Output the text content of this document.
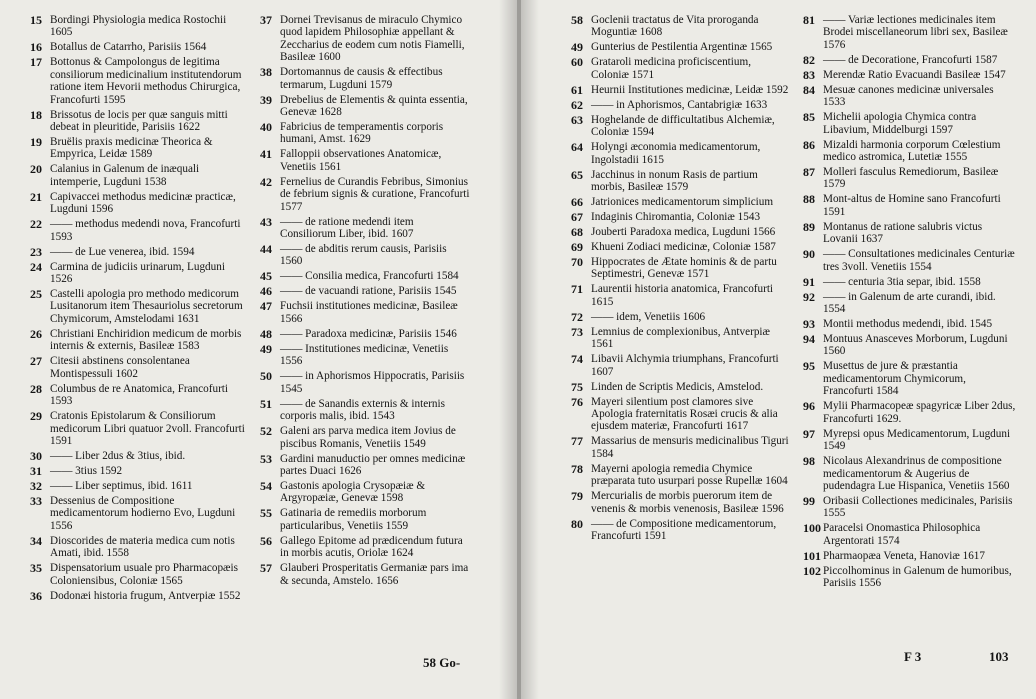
15 Bordingi Physiologia medica Rostochii 1605
16 Botallus de Catarrho, Parisiis 1564
17 Bottonus & Campolongus de legitima consiliorum medicinalium institutendorum ratione item Hevorii methodus Chirurgica, Francofurti 1595
18 Brissotus de locis per quæ sanguis mitti debeat in pleuritide, Parisiis 1622
19 Bruëlis praxis medicinæ Theorica & Empyrica, Leidæ 1589
20 Calanius in Galenum de inæquali intemperie, Lugduni 1538
21 Capivaccei methodus medicinæ practicæ, Lugduni 1596
22 —— methodus medendi nova, Francofurti 1593
23 —— de Lue venerea, ibid. 1594
24 Carmina de judiciis urinarum, Lugduni 1526
25 Castelli apologia pro methodo medicorum Lusitanorum item Thesauriolus secretorum Chymicorum, Amstelodami 1631
26 Christiani Enchiridion medicum de morbis internis & externis, Basileæ 1583
27 Citesii abstinens consolentanea Montispessuli 1602
28 Columbus de re Anatomica, Francofurti 1593
29 Cratonis Epistolarum & Consiliorum medicorum Libri quatuor 2voll. Francofurti 1591
30 —— Liber 2dus & 3tius, ibid.
31 —— 3tius 1592
32 —— Liber septimus, ibid. 1611
33 Dessenius de Compositione medicamentorum hodierno Evo, Lugduni 1556
34 Dioscorides de materia medica cum notis Amati, ibid. 1558
35 Dispensatorium usuale pro Pharmacopæis Coloniensibus, Coloniæ 1565
36 Dodonæi historia frugum, Antverpiæ 1552
37 Dornei Trevisanus de miraculo Chymico quod lapidem Philosophiæ appellant & Zeccharius de eodem cum notis Fiamelli, Basileæ 1600
38 Dortomannus de causis & effectibus termarum, Lugduni 1579
39 Drebelius de Elementis & quinta essentia, Genevæ 1628
40 Fabricius de temperamentis corporis humani, Amst. 1629
41 Falloppii observationes Anatomicæ, Venetiis 1561
42 Fernelius de Curandis Febribus, Simonius de febrium signis & curatione, Francofurti 1577
43 —— de ratione medendi item Consiliorum Liber, ibid. 1607
44 —— de abditis rerum causis, Parisiis 1560
45 —— Consilia medica, Francofurti 1584
46 —— de vacuandi ratione, Parisiis 1545
47 Fuchsii institutiones medicinæ, Basileæ 1566
48 —— Paradoxa medicinæ, Parisiis 1546
49 —— Institutiones medicinæ, Venetiis 1556
50 —— in Aphorismos Hippocratis, Parisiis 1545
51 —— de Sanandis externis & internis corporis malis, ibid. 1543
52 Galeni ars parva medica item Jovius de piscibus Romanis, Venetiis 1549
53 Gardini manuductio per omnes medicinæ partes Duaci 1626
54 Gastonis apologia Crysopæiæ & Argyropæiæ, Genevæ 1598
55 Gatinaria de remediis morborum particularibus, Venetiis 1559
56 Gallego Epitome ad prædicendum futura in morbis acutis, Oriolæ 1624
57 Glauberi Prosperitatis Germaniæ pars ima & secunda, Amstelo. 1656
58 Go-
58 Goclenii tractatus de Vita proroganda Moguntiæ 1608
49 Gunterius de Pestilentia Argentinæ 1565
60 Grataroli medicina proficiscentium, Coloniæ 1571
61 Heurnii Institutiones medicinæ, Leidæ 1592
62 —— in Aphorismos, Cantabrigiæ 1633
63 Hoghelande de difficultatibus Alchemiæ, Coloniæ 1594
64 Holyngi æconomia medicamentorum, Ingolstadii 1615
65 Jacchinus in nonum Rasis de partium morbis, Basileæ 1579
66 Jatrionices medicamentorum simplicium
67 Indaginis Chiromantia, Coloniæ 1543
68 Jouberti Paradoxa medica, Lugduni 1566
69 Khueni Zodiaci medicinæ, Coloniæ 1587
70 Hippocrates de Ætate hominis & de partu Septimestri, Genevæ 1571
71 Laurentii historia anatomica, Francofurti 1615
72 —— idem, Venetiis 1606
73 Lemnius de complexionibus, Antverpiæ 1561
74 Libavii Alchymia triumphans, Francofurti 1607
75 Linden de Scriptis Medicis, Amstelod.
76 Mayeri silentium post clamores sive Apologia fraternitatis Rosæi crucis & alia ejusdem materiæ, Francofurti 1617
77 Massarius de mensuris medicinalibus Tiguri 1584
78 Mayerni apologia remedia Chymice præparata tuto usurpari posse Rupellæ 1604
79 Mercurialis de morbis puerorum item de venenis & morbis venenosis, Basileæ 1596
80 —— de Compositione medicamentorum, Francofurti 1591
81 —— Variæ lectiones medicinales item Brodei miscellaneorum libri sex, Basileæ 1576
82 —— de Decoratione, Francofurti 1587
83 Merendæ Ratio Evacuandi Basileæ 1547
84 Mesuæ canones medicinæ universales 1533
85 Michelii apologia Chymica contra Libavium, Middelburgi 1597
86 Mizaldi harmonia corporum Cœlestium medico astromica, Lutetiæ 1555
87 Molleri fasculus Remediorum, Basileæ 1579
88 Mont-altus de Homine sano Francofurti 1591
89 Montanus de ratione salubris victus Lovanii 1637
90 —— Consultationes medicinales Centuriæ tres 3voll. Venetiis 1554
91 —— centuria 3tia separ, ibid. 1558
92 —— in Galenum de arte curandi, ibid. 1554
93 Montii methodus medendi, ibid. 1545
94 Montuus Anasceves Morborum, Lugduni 1560
95 Musettus de jure & præstantia medicamentorum Chymicorum, Francofurti 1584
96 Mylii Pharmacopeæ spagyricæ Liber 2dus, Francofurti 1629.
97 Myrepsi opus Medicamentorum, Lugduni 1549
98 Nicolaus Alexandrinus de compositione medicamentorum & Augerius de pudendagra Lue Hispanica, Venetiis 1560
99 Oribasii Collectiones medicinales, Parisiis 1555
100 Paracelsi Onomastica Philosophica Argentorati 1574
101 Pharmaopæa Veneta, Hanoviæ 1617
102 Piccolhominus in Galenum de humoribus, Parisiis 1556
F 3	103
